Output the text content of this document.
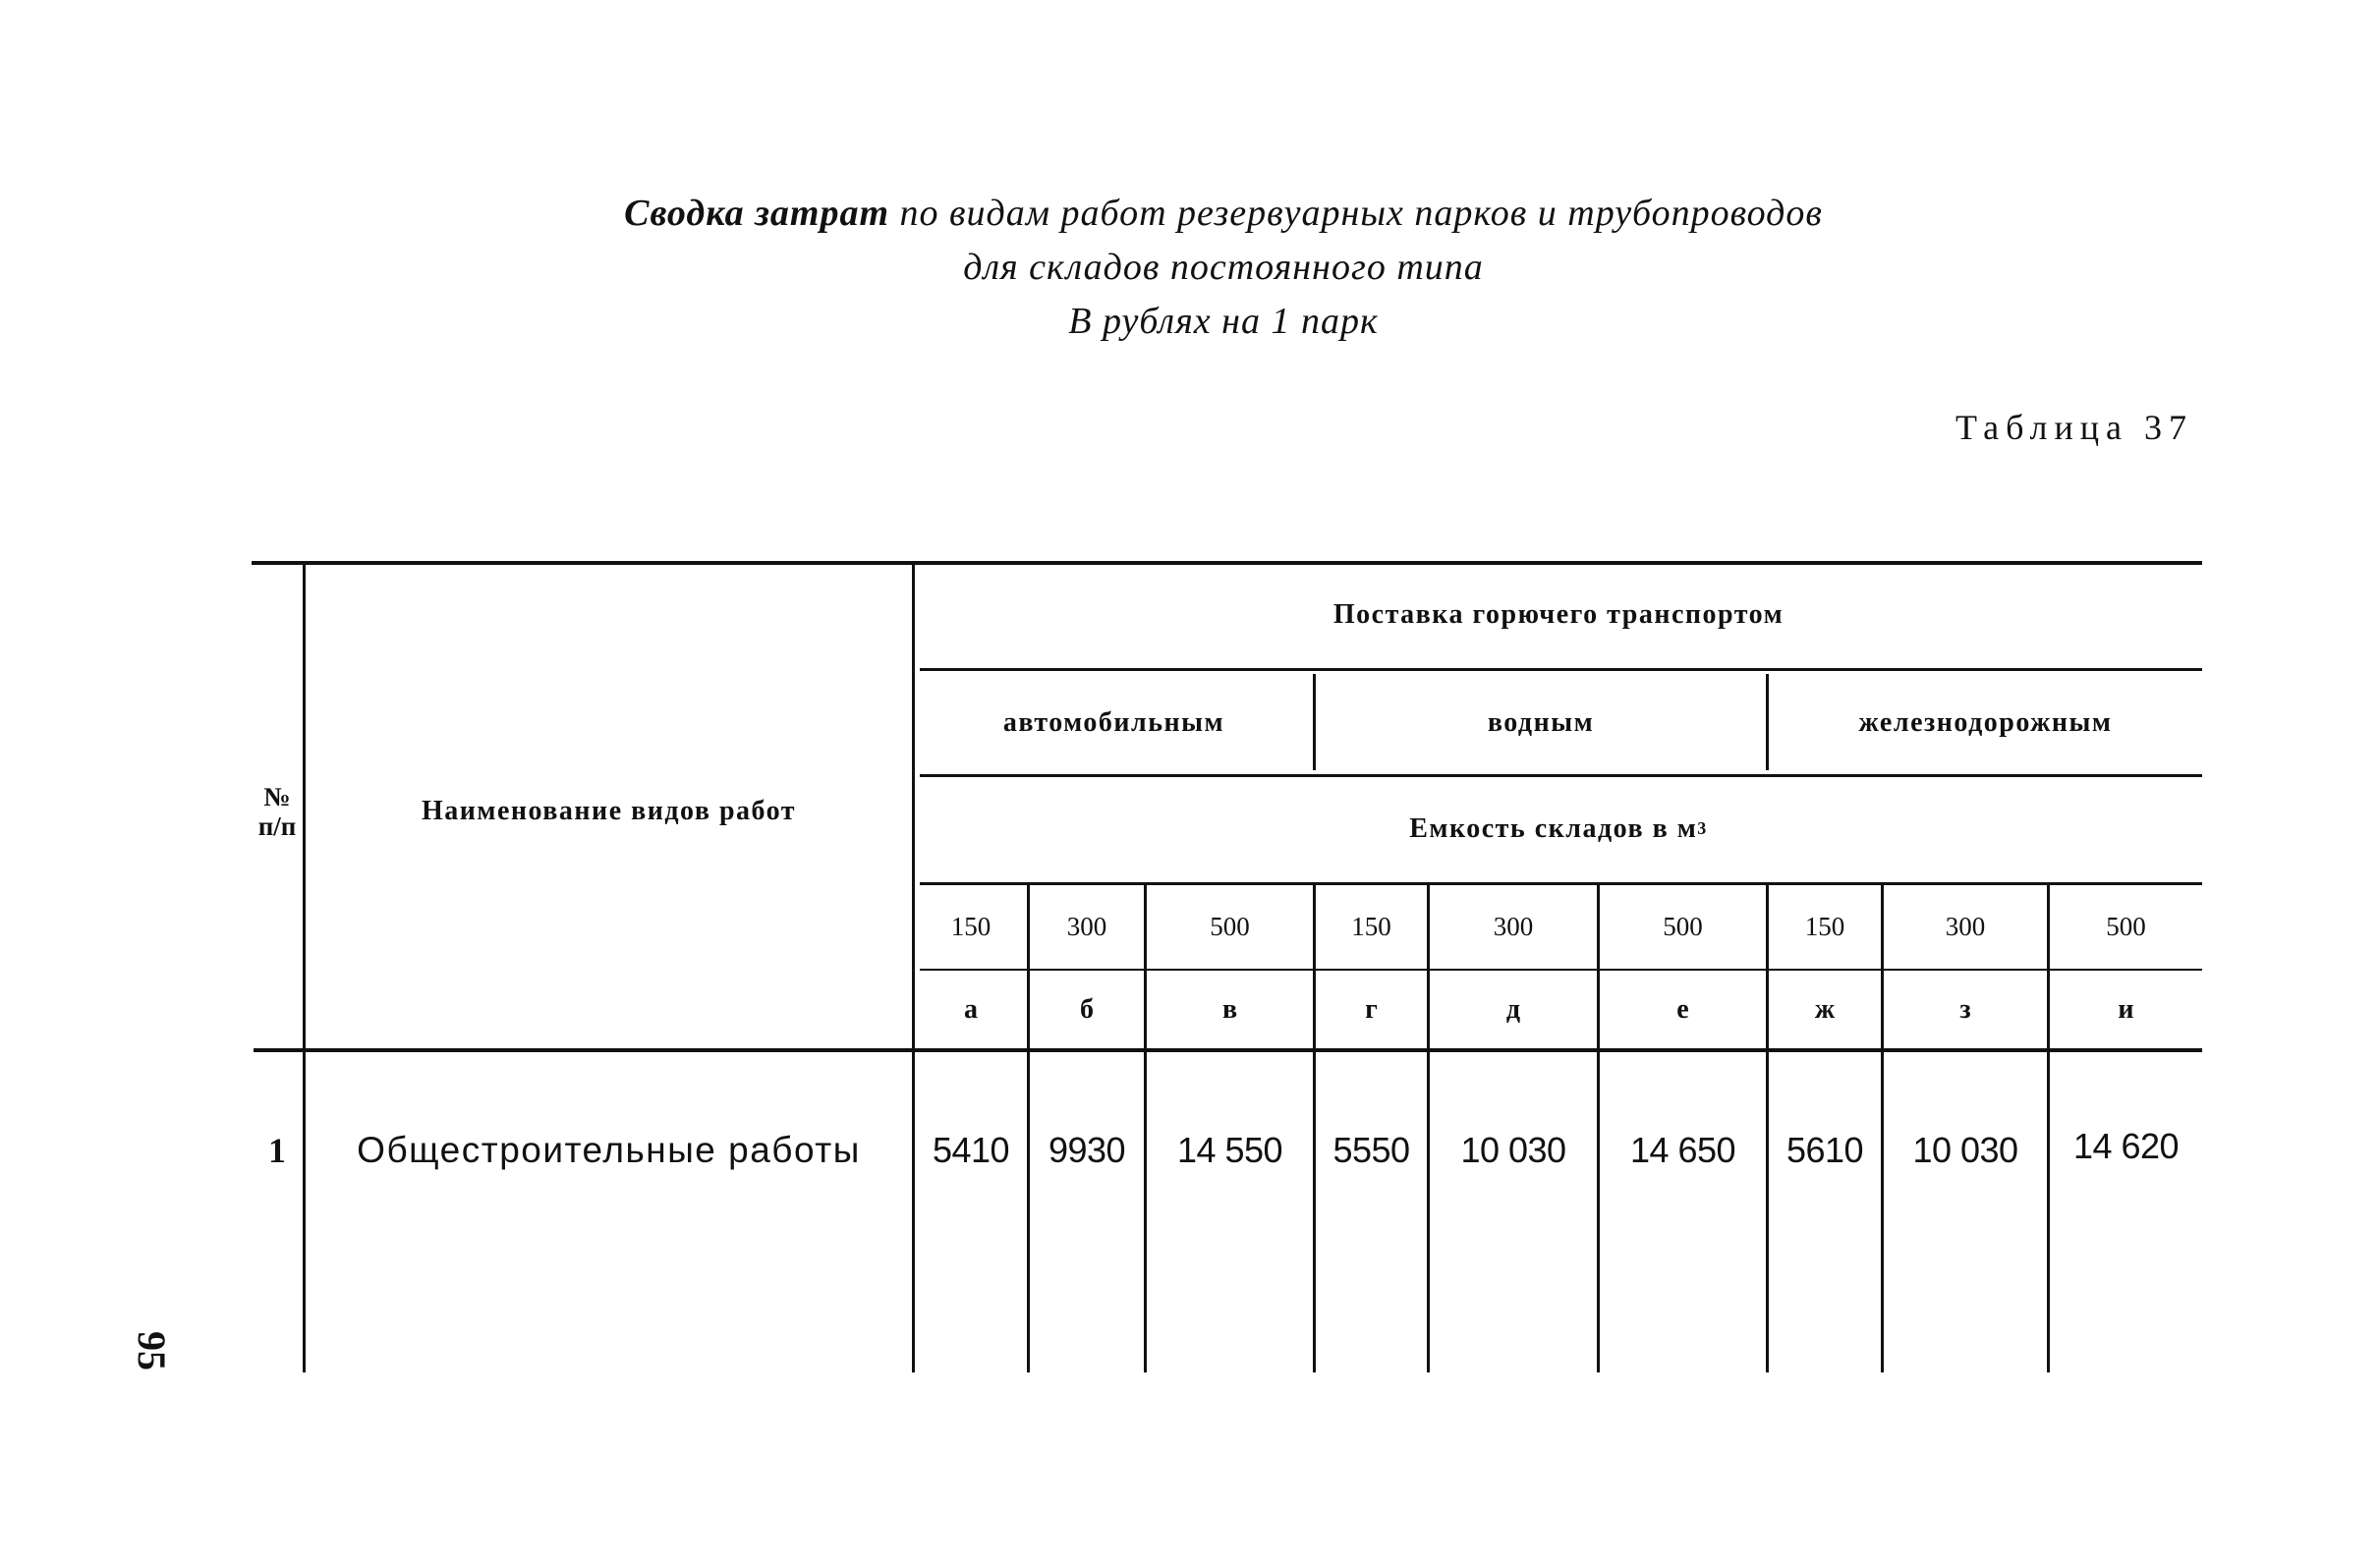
Сводка затрат по видам работ резервуарных парков и трубопроводов
для складов постоянного типа
В рублях на 1 парк
Таблица 37
95
№
п/п	Наименование видов работ
Поставка горючего транспортом
автомобильным	водным	железнодорожным
Емкость складов в м 3
150	300	500	150	300	500	150	300	500
а	б	в	г	д	е	ж	з	и
1	Общестроительные работы	5410	9930	14 550	5550	10 030	14 650	5610	10 030	14 620
